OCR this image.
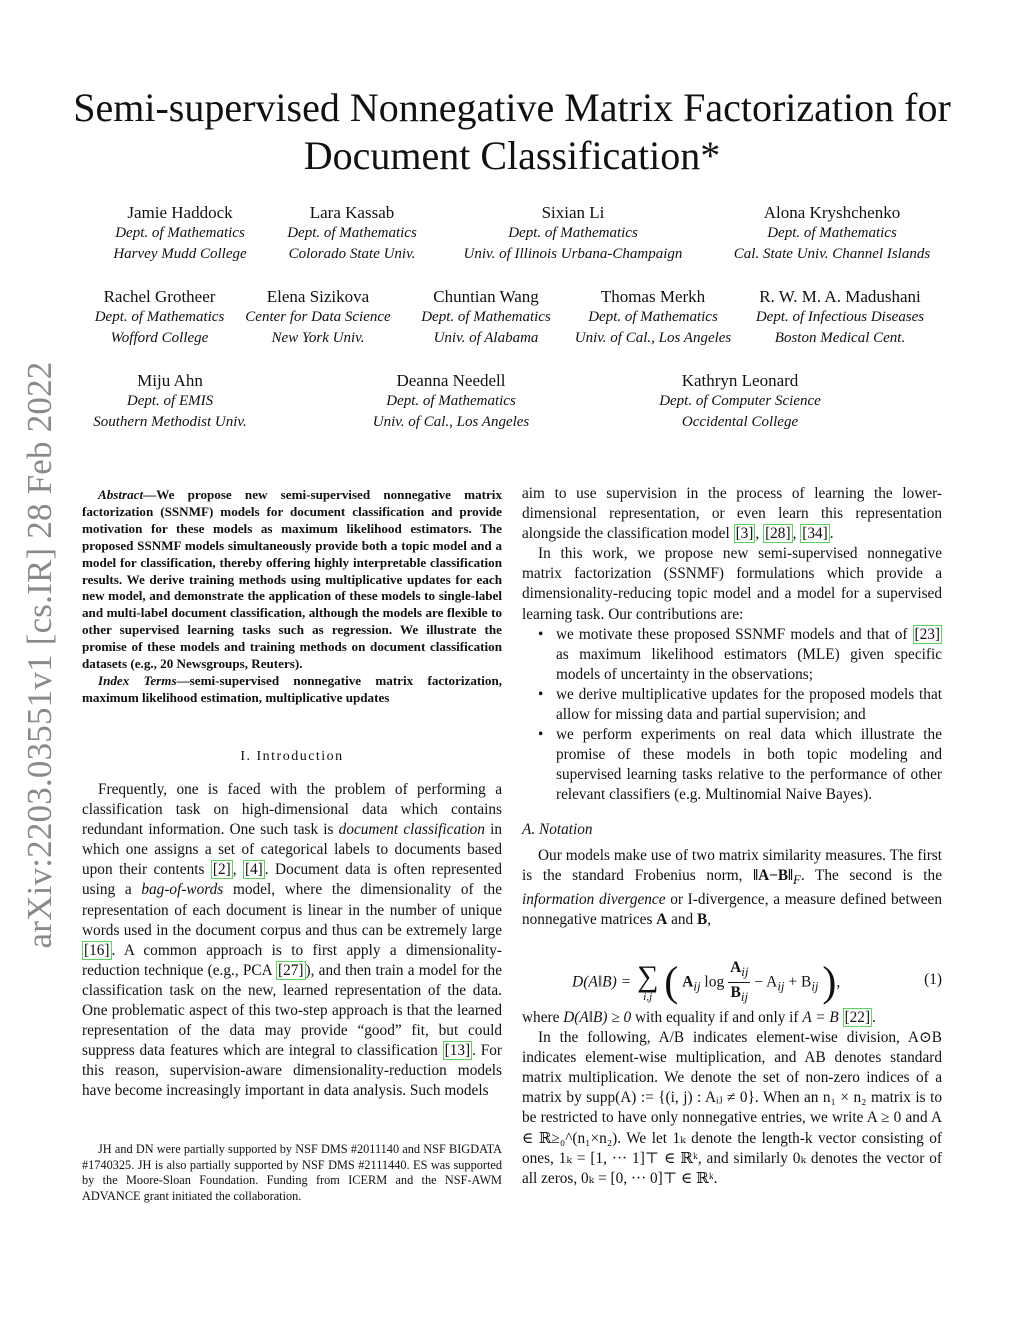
arXiv:2203.03551v1 [cs.IR] 28 Feb 2022
Semi-supervised Nonnegative Matrix Factorization for Document Classification*
Jamie Haddock
Dept. of Mathematics
Harvey Mudd College
Lara Kassab
Dept. of Mathematics
Colorado State Univ.
Sixian Li
Dept. of Mathematics
Univ. of Illinois Urbana-Champaign
Alona Kryshchenko
Dept. of Mathematics
Cal. State Univ. Channel Islands
Rachel Grotheer
Dept. of Mathematics
Wofford College
Elena Sizikova
Center for Data Science
New York Univ.
Chuntian Wang
Dept. of Mathematics
Univ. of Alabama
Thomas Merkh
Dept. of Mathematics
Univ. of Cal., Los Angeles
R. W. M. A. Madushani
Dept. of Infectious Diseases
Boston Medical Cent.
Miju Ahn
Dept. of EMIS
Southern Methodist Univ.
Deanna Needell
Dept. of Mathematics
Univ. of Cal., Los Angeles
Kathryn Leonard
Dept. of Computer Science
Occidental College

Abstract—We propose new semi-supervised nonnegative matrix factorization (SSNMF) models for document classification and provide motivation for these models as maximum likelihood estimators. The proposed SSNMF models simultaneously provide both a topic model and a model for classification, thereby offering highly interpretable classification results. We derive training methods using multiplicative updates for each new model, and demonstrate the application of these models to single-label and multi-label document classification, although the models are flexible to other supervised learning tasks such as regression. We illustrate the promise of these models and training methods on document classification datasets (e.g., 20 Newsgroups, Reuters).

Index Terms—semi-supervised nonnegative matrix factorization, maximum likelihood estimation, multiplicative updates

I. Introduction

Frequently, one is faced with the problem of performing a classification task on high-dimensional data which contains redundant information. One such task is document classification in which one assigns a set of categorical labels to documents based upon their contents [2] , [4] . Document data is often represented using a bag-of-words model, where the dimensionality of the representation of each document is linear in the number of unique words used in the document corpus and thus can be extremely large [16] . A common approach is to first apply a dimensionality-reduction technique (e.g., PCA [27] ), and then train a model for the classification task on the new, learned representation of the data. One problematic aspect of this two-step approach is that the learned representation of the data may provide “good” fit, but could suppress data features which are integral to classification [13] . For this reason, supervision-aware dimensionality-reduction models have become increasingly important in data analysis. Such models

JH and DN were partially supported by NSF DMS #2011140 and NSF BIGDATA #1740325. JH is also partially supported by NSF DMS #2111440. ES was supported by the Moore-Sloan Foundation. Funding from ICERM and the NSF-AWM ADVANCE grant initiated the collaboration.

aim to use supervision in the process of learning the lower-dimensional representation, or even learn this representation alongside the classification model [3] , [28] , [34] .

In this work, we propose new semi-supervised nonnegative matrix factorization (SSNMF) formulations which provide a dimensionality-reducing topic model and a model for a supervised learning task. Our contributions are:

• we motivate these proposed SSNMF models and that of [23] as maximum likelihood estimators (MLE) given specific models of uncertainty in the observations;
• we derive multiplicative updates for the proposed models that allow for missing data and partial supervision; and
• we perform experiments on real data which illustrate the promise of these models in both topic modeling and supervised learning tasks relative to the performance of other relevant classifiers (e.g. Multinomial Naive Bayes).
A. Notation

Our models make use of two matrix similarity measures. The first is the standard Frobenius norm, $‖A-B‖_F$. The second is the information divergence or I-divergence, a measure defined between nonnegative matrices A and B,

D(A‖B) = ∑
i,j ( $A_{ij}$ log
$A_{ij}$
$B_{ij}$
− $A_{ij} + B_{ij}$ ),	(1)

where D(A‖B) ≥ 0 with equality if and only if A = B [22] .

In the following, A/B indicates element-wise division, A⊙B indicates element-wise multiplication, and AB denotes standard matrix multiplication. We denote the set of non-zero indices of a matrix by supp(A) := {(i, j) : Aᵢⱼ ≠ 0}. When an n₁ × n₂ matrix is to be restricted to have only nonnegative entries, we write A ≥ 0 and A ∈ ℝ≥₀^(n₁×n₂). We let 1ₖ denote the length-k vector consisting of ones, 1ₖ = [1, ··· 1]⊤ ∈ ℝᵏ, and similarly 0ₖ denotes the vector of all zeros, 0ₖ = [0, ··· 0]⊤ ∈ ℝᵏ.
